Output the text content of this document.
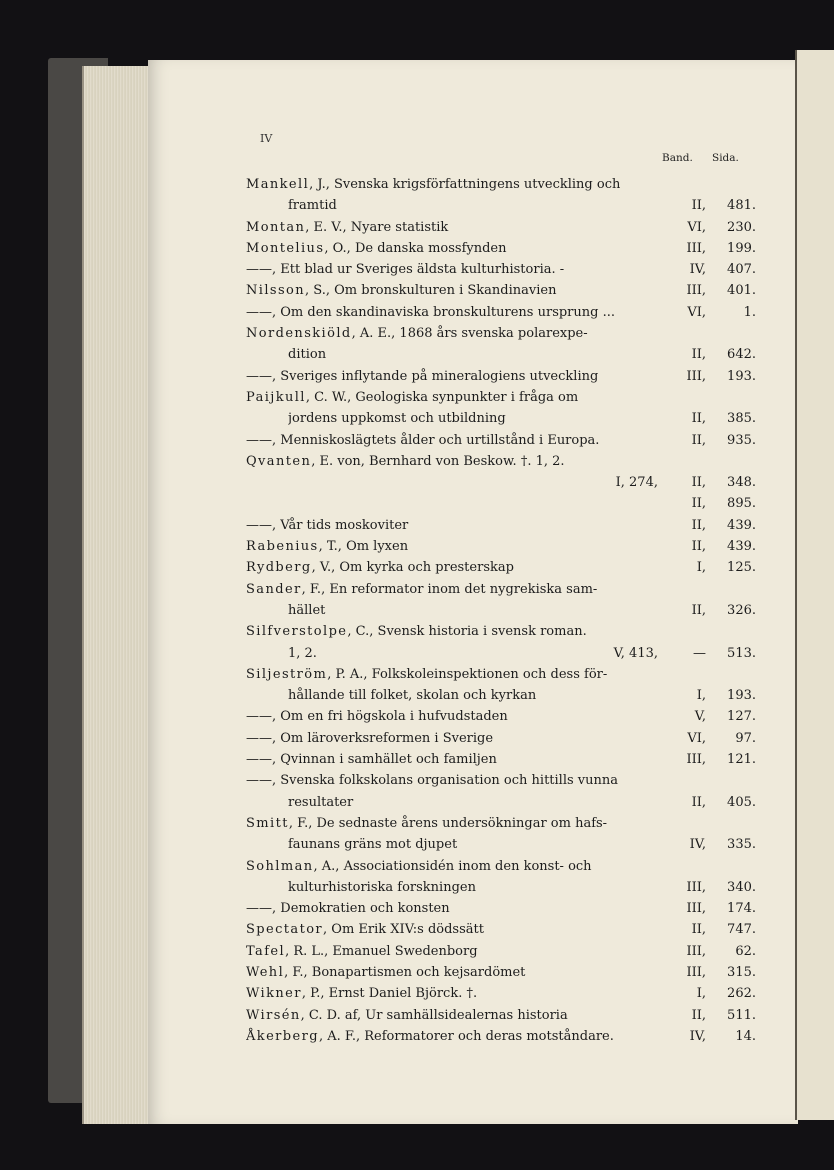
IV
Band. Sida.
Mankell, J., Svenska krigsförfattningens utveckling och
framtid	II,	481.
Montan, E. V., Nyare statistik	VI,	230.
Montelius, O., De danska mossfynden	III,	199.
——, Ett blad ur Sveriges äldsta kulturhistoria. -	IV,	407.
Nilsson, S., Om bronskulturen i Skandinavien	III,	401.
——, Om den skandinaviska bronskulturens ursprung ...	VI,	1.
Nordenskiöld, A. E., 1868 års svenska polarexpe-
dition	II,	642.
——, Sveriges inflytande på mineralogiens utveckling	III,	193.
Paijkull, C. W., Geologiska synpunkter i fråga om
jordens uppkomst och utbildning	II,	385.
——, Menniskoslägtets ålder och urtillstånd i Europa.	II,	935.
Qvanten, E. von, Bernhard von Beskow. †. 1, 2.
I, 274,	II,	348.
II,	895.
——, Vår tids moskoviter	II,	439.
Rabenius, T., Om lyxen	II,	439.
Rydberg, V., Om kyrka och presterskap	I,	125.
Sander, F., En reformator inom det nygrekiska sam-
hället	II,	326.
Silfverstolpe, C., Svensk historia i svensk roman.
1, 2.	V, 413,	—	513.
Siljeström, P. A., Folkskoleinspektionen och dess för-
hållande till folket, skolan och kyrkan	I,	193.
——, Om en fri högskola i hufvudstaden	V,	127.
——, Om läroverksreformen i Sverige	VI,	97.
——, Qvinnan i samhället och familjen	III,	121.
——, Svenska folkskolans organisation och hittills vunna
resultater	II,	405.
Smitt, F., De sednaste årens undersökningar om hafs-
faunans gräns mot djupet	IV,	335.
Sohlman, A., Associationsidén inom den konst- och
kulturhistoriska forskningen	III,	340.
——, Demokratien och konsten	III,	174.
Spectator, Om Erik XIV:s dödssätt	II,	747.
Tafel, R. L., Emanuel Swedenborg	III,	62.
Wehl, F., Bonapartismen och kejsardömet	III,	315.
Wikner, P., Ernst Daniel Björck. †.	I,	262.
Wirsén, C. D. af, Ur samhällsidealernas historia	II,	511.
Åkerberg, A. F., Reformatorer och deras motståndare.	IV,	14.
